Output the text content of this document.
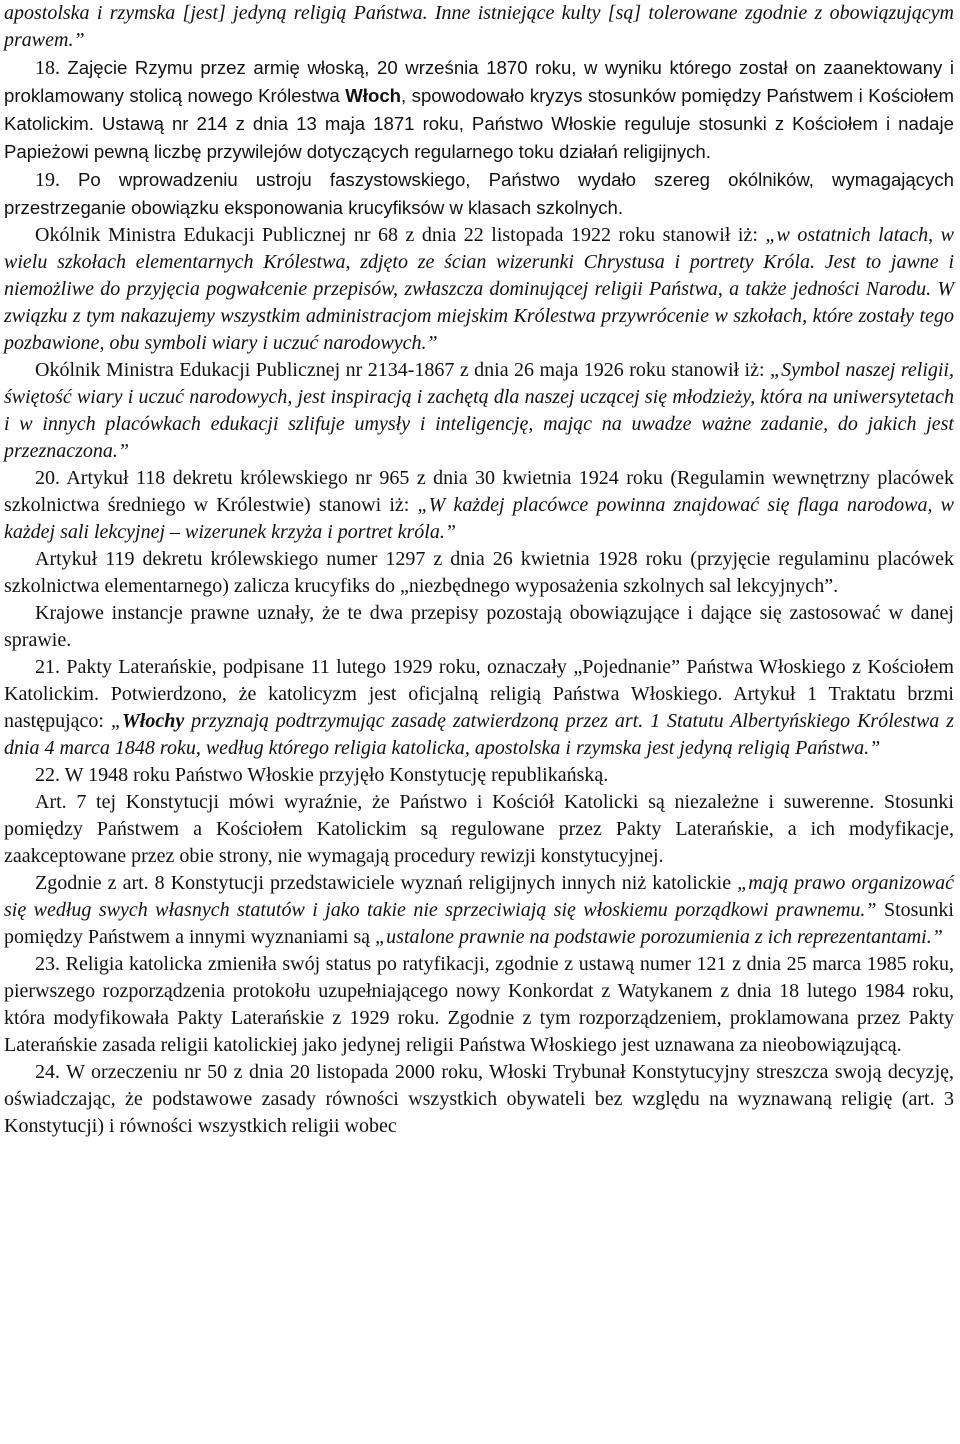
apostolska i rzymska [jest] jedyną religią Państwa. Inne istniejące kulty [są] tolerowane zgodnie z obowiązującym prawem.”

18. Zajęcie Rzymu przez armię włoską, 20 września 1870 roku, w wyniku którego został on zaanektowany i proklamowany stolicą nowego Królestwa Włoch, spowodowało kryzys stosunków pomiędzy Państwem i Kościołem Katolickim. Ustawą nr 214 z dnia 13 maja 1871 roku, Państwo Włoskie reguluje stosunki z Kościołem i nadaje Papieżowi pewną liczbę przywilejów dotyczących regularnego toku działań religijnych.

19. Po wprowadzeniu ustroju faszystowskiego, Państwo wydało szereg okólników, wymagających przestrzeganie obowiązku eksponowania krucyfiksów w klasach szkolnych.

Okólnik Ministra Edukacji Publicznej nr 68 z dnia 22 listopada 1922 roku stanowił iż: „w ostatnich latach, w wielu szkołach elementarnych Królestwa, zdjęto ze ścian wizerunki Chrystusa i portrety Króla. Jest to jawne i niemożliwe do przyjęcia pogwałcenie przepisów, zwłaszcza dominującej religii Państwa, a także jedności Narodu. W związku z tym nakazujemy wszystkim administracjom miejskim Królestwa przywrócenie w szkołach, które zostały tego pozbawione, obu symboli wiary i uczuć narodowych.”

Okólnik Ministra Edukacji Publicznej nr 2134-1867 z dnia 26 maja 1926 roku stanowił iż: „Symbol naszej religii, świętość wiary i uczuć narodowych, jest inspiracją i zachętą dla naszej uczącej się młodzieży, która na uniwersytetach i w innych placówkach edukacji szlifuje umysły i inteligencję, mając na uwadze ważne zadanie, do jakich jest przeznaczona.”

20. Artykuł 118 dekretu królewskiego nr 965 z dnia 30 kwietnia 1924 roku (Regulamin wewnętrzny placówek szkolnictwa średniego w Królestwie) stanowi iż: „W każdej placówce powinna znajdować się flaga narodowa, w każdej sali lekcyjnej – wizerunek krzyża i portret króla.”

Artykuł 119 dekretu królewskiego numer 1297 z dnia 26 kwietnia 1928 roku (przyjęcie regulaminu placówek szkolnictwa elementarnego) zalicza krucyfiks do „niezbędnego wyposażenia szkolnych sal lekcyjnych”.

Krajowe instancje prawne uznały, że te dwa przepisy pozostają obowiązujące i dające się zastosować w danej sprawie.

21. Pakty Laterańskie, podpisane 11 lutego 1929 roku, oznaczały „Pojednanie” Państwa Włoskiego z Kościołem Katolickim. Potwierdzono, że katolicyzm jest oficjalną religią Państwa Włoskiego. Artykuł 1 Traktatu brzmi następująco: „Włochy przyznają podtrzymując zasadę zatwierdzoną przez art. 1 Statutu Albertyńskiego Królestwa z dnia 4 marca 1848 roku, według którego religia katolicka, apostolska i rzymska jest jedyną religią Państwa.”

22. W 1948 roku Państwo Włoskie przyjęło Konstytucję republikańską.

Art. 7 tej Konstytucji mówi wyraźnie, że Państwo i Kościół Katolicki są niezależne i suwerenne. Stosunki pomiędzy Państwem a Kościołem Katolickim są regulowane przez Pakty Laterańskie, a ich modyfikacje, zaakceptowane przez obie strony, nie wymagają procedury rewizji konstytucyjnej.

Zgodnie z art. 8 Konstytucji przedstawiciele wyznań religijnych innych niż katolickie „mają prawo organizować się według swych własnych statutów i jako takie nie sprzeciwiają się włoskiemu porządkowi prawnemu.” Stosunki pomiędzy Państwem a innymi wyznaniami są „ustalone prawnie na podstawie porozumienia z ich reprezentantami.”

23. Religia katolicka zmieniła swój status po ratyfikacji, zgodnie z ustawą numer 121 z dnia 25 marca 1985 roku, pierwszego rozporządzenia protokołu uzupełniającego nowy Konkordat z Watykanem z dnia 18 lutego 1984 roku, która modyfikowała Pakty Laterańskie z 1929 roku. Zgodnie z tym rozporządzeniem, proklamowana przez Pakty Laterańskie zasada religii katolickiej jako jedynej religii Państwa Włoskiego jest uznawana za nieobowiązującą.

24. W orzeczeniu nr 50 z dnia 20 listopada 2000 roku, Włoski Trybunał Konstytucyjny streszcza swoją decyzję, oświadczając, że podstawowe zasady równości wszystkich obywateli bez względu na wyznawaną religię (art. 3 Konstytucji) i równości wszystkich religii wobec
